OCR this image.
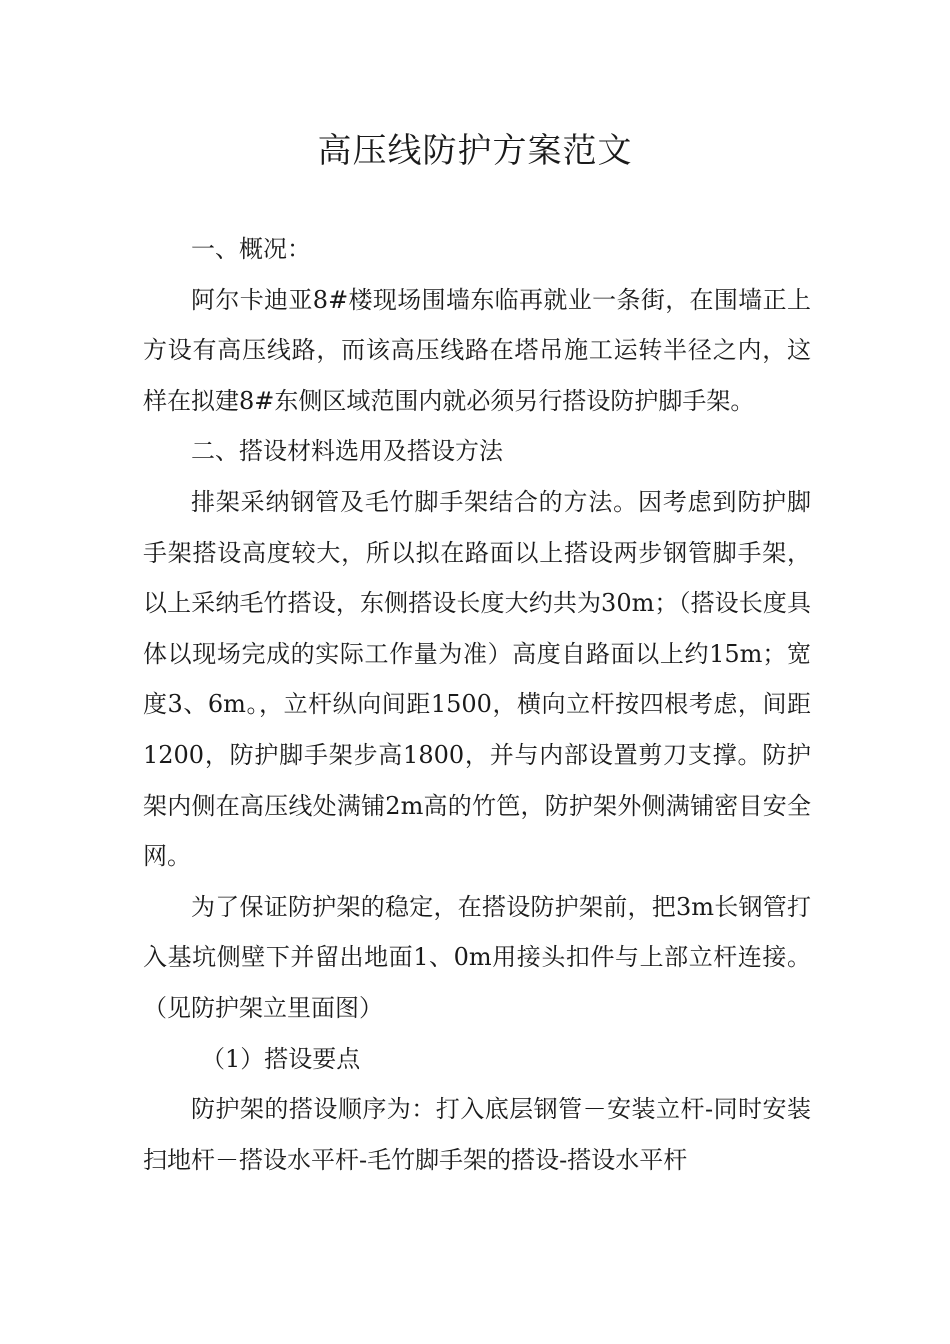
高压线防护方案范文

一、概况：

阿尔卡迪亚8#楼现场围墙东临再就业一条街，在围墙正上方设有高压线路，而该高压线路在塔吊施工运转半径之内，这样在拟建8#东侧区域范围内就必须另行搭设防护脚手架。

二、搭设材料选用及搭设方法

排架采纳钢管及毛竹脚手架结合的方法。因考虑到防护脚手架搭设高度较大，所以拟在路面以上搭设两步钢管脚手架，以上采纳毛竹搭设，东侧搭设长度大约共为30m；（搭设长度具体以现场完成的实际工作量为准）高度自路面以上约15m；宽度3、6m。，立杆纵向间距1500，横向立杆按四根考虑，间距1200，防护脚手架步高1800，并与内部设置剪刀支撑。防护架内侧在高压线处满铺2m高的竹笆，防护架外侧满铺密目安全网。

为了保证防护架的稳定，在搭设防护架前，把3m长钢管打入基坑侧壁下并留出地面1、0m用接头扣件与上部立杆连接。（见防护架立里面图）

（1）搭设要点

防护架的搭设顺序为：打入底层钢管－安装立杆-同时安装扫地杆－搭设水平杆-毛竹脚手架的搭设-搭设水平杆
